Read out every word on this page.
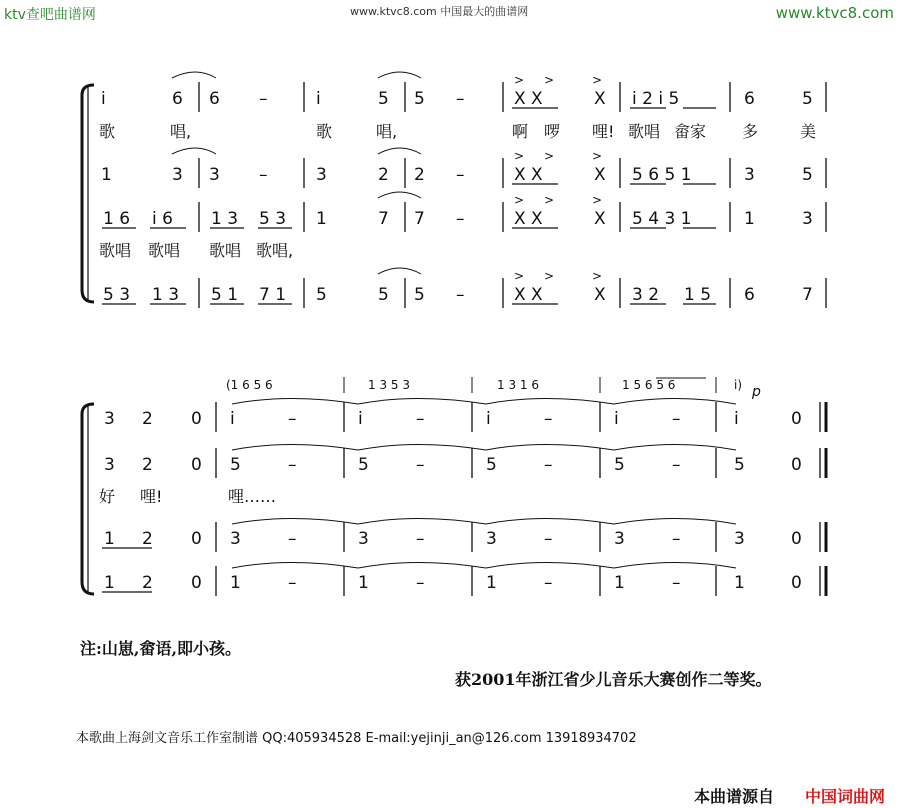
ktv查吧曲谱网	www.ktvc8.com 中国最大的曲谱网	www.ktvc8.com
> >	>
> >	>
> >	>
> >	>
i	6 6 –	i	5 5 –	X X	X i 2 i 5	6	5
歌	唱,	歌	唱,	啊 啰 哩! 歌唱 畲家 多	美
1	3 3 –	3	2 2 –	X X	X 5 6 5 1	3	5
1 6 i 6 1 3 5 3 1	7 7 –	X X	X 5 4 3 1	1	3
歌唱 歌唱 歌唱 歌唱,
5 3 1 3 5 1 7 1 5	5 5 –	X X	X 3 2 1 5 6	7
(1 6 5 6	1 3 5 3	1 3 1 6	1 5 6 5 6	i) p
3 2 0 i	–	i	–	i	–	i	–	i	0
3 2 0 5	–	5	–	5	–	5	–	5	0
好 哩!	哩……
1 2 0 3	–	3	–	3	–	3	–	3	0
1 2 0 1	–	1	–	1	–	1	–	1	0
注:山崽,畲语,即小孩。
获2001年浙江省少儿音乐大赛创作二等奖。
本歌曲上海剑文音乐工作室制谱 QQ:405934528 E-mail:yejinji_an@126.com 13918934702
本曲谱源自 中国词曲网
